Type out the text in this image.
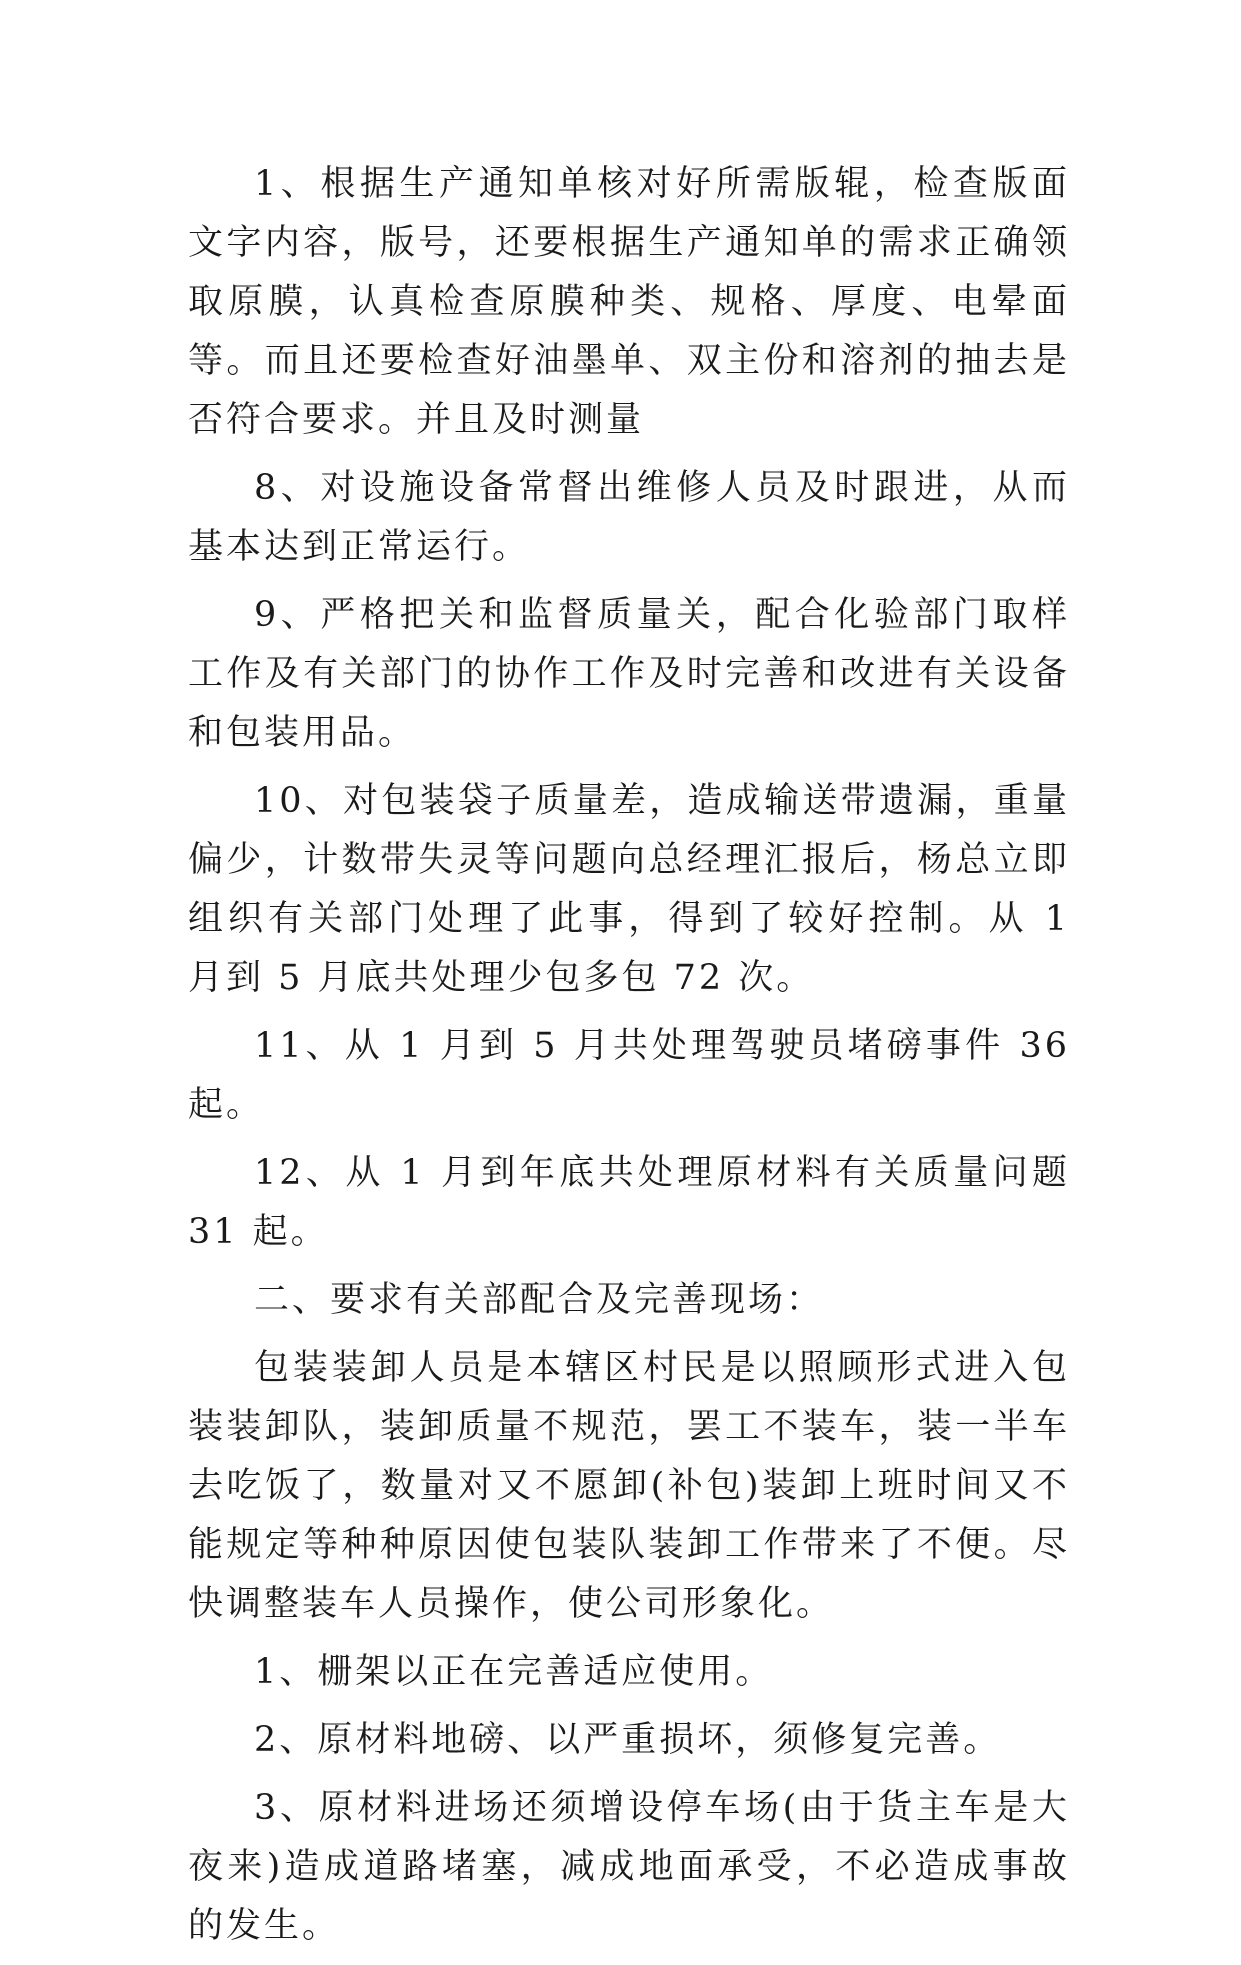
1、根据生产通知单核对好所需版辊，检查版面文字内容，版号，还要根据生产通知单的需求正确领取原膜，认真检查原膜种类、规格、厚度、电晕面等。而且还要检查好油墨单、双主份和溶剂的抽去是否符合要求。并且及时测量

8、对设施设备常督出维修人员及时跟进，从而基本达到正常运行。

9、严格把关和监督质量关，配合化验部门取样工作及有关部门的协作工作及时完善和改进有关设备和包装用品。

10、对包装袋子质量差，造成输送带遗漏，重量偏少，计数带失灵等问题向总经理汇报后，杨总立即组织有关部门处理了此事，得到了较好控制。从 1 月到 5 月底共处理少包多包 72 次。

11、从 1 月到 5 月共处理驾驶员堵磅事件 36 起。

12、从 1 月到年底共处理原材料有关质量问题 31 起。

二、要求有关部配合及完善现场：

包装装卸人员是本辖区村民是以照顾形式进入包装装卸队，装卸质量不规范，罢工不装车，装一半车去吃饭了，数量对又不愿卸(补包)装卸上班时间又不能规定等种种原因使包装队装卸工作带来了不便。尽快调整装车人员操作，使公司形象化。

1、栅架以正在完善适应使用。

2、原材料地磅、以严重损坏，须修复完善。

3、原材料进场还须增设停车场(由于货主车是大夜来)造成道路堵塞，减成地面承受，不必造成事故的发生。
